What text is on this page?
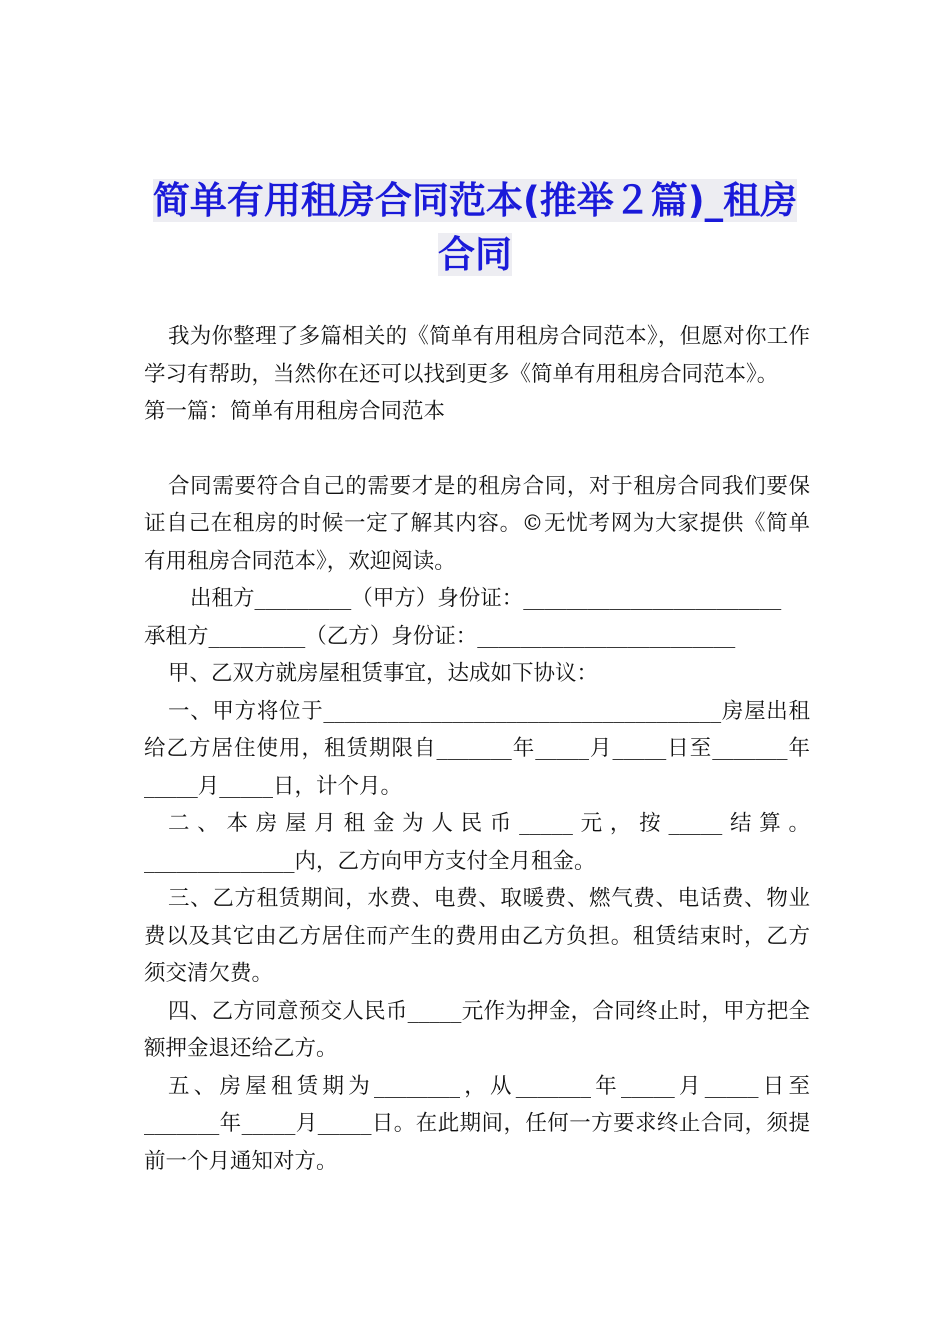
简单有用租房合同范本(推举２篇)_租房合同

我为你整理了多篇相关的《简单有用租房合同范本》，但愿对你工作学习有帮助，当然你在还可以找到更多《简单有用租房合同范本》。

第一篇：简单有用租房合同范本

合同需要符合自己的需要才是的租房合同，对于租房合同我们要保证自己在租房的时候一定了解其内容。©无忧考网为大家提供《简单有用租房合同范本》，欢迎阅读。

出租方_________（甲方）身份证：________________________

承租方_________（乙方）身份证：________________________

甲、乙双方就房屋租赁事宜，达成如下协议：

一、甲方将位于_____________________________________房屋出租给乙方居住使用，租赁期限自_______年_____月_____日至_______年_____月_____日，计个月。

二、本房屋月租金为人民币_____元，按_____结算。______________内，乙方向甲方支付全月租金。

三、乙方租赁期间，水费、电费、取暖费、燃气费、电话费、物业费以及其它由乙方居住而产生的费用由乙方负担。租赁结束时，乙方须交清欠费。

四、乙方同意预交人民币_____元作为押金，合同终止时，甲方把全额押金退还给乙方。

五、房屋租赁期为________，从_______年_____月_____日至_______年_____月_____日。在此期间，任何一方要求终止合同，须提前一个月通知对方。
